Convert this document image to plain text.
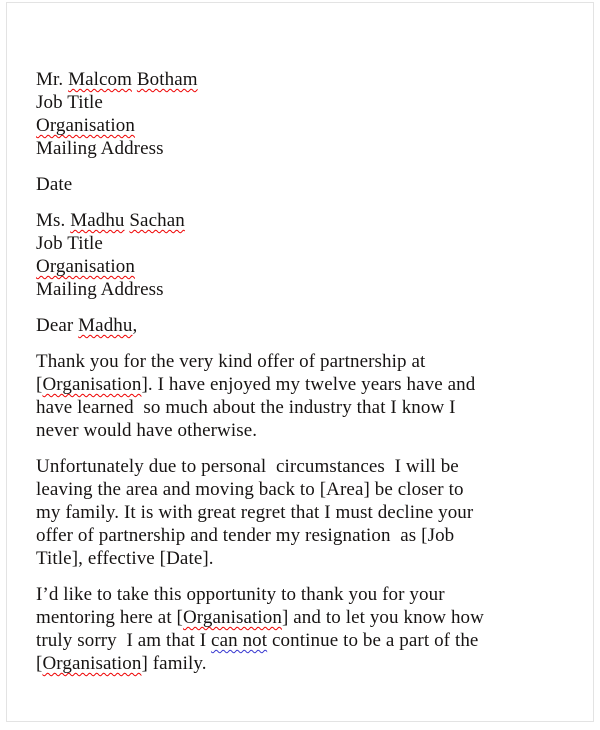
Mr. Malcom Botham
Job Title
Organisation
Mailing Address

Date

Ms. Madhu Sachan
Job Title
Organisation
Mailing Address

Dear Madhu,

Thank you for the very kind offer of partnership at
[Organisation]. I have enjoyed my twelve years have and
have learned  so much about the industry that I know I
never would have otherwise.

Unfortunately due to personal  circumstances  I will be
leaving the area and moving back to [Area] be closer to
my family. It is with great regret that I must decline your
offer of partnership and tender my resignation  as [Job
Title], effective [Date].

I’d like to take this opportunity to thank you for your
mentoring here at [Organisation] and to let you know how
truly sorry  I am that I can not continue to be a part of the
[Organisation] family.
